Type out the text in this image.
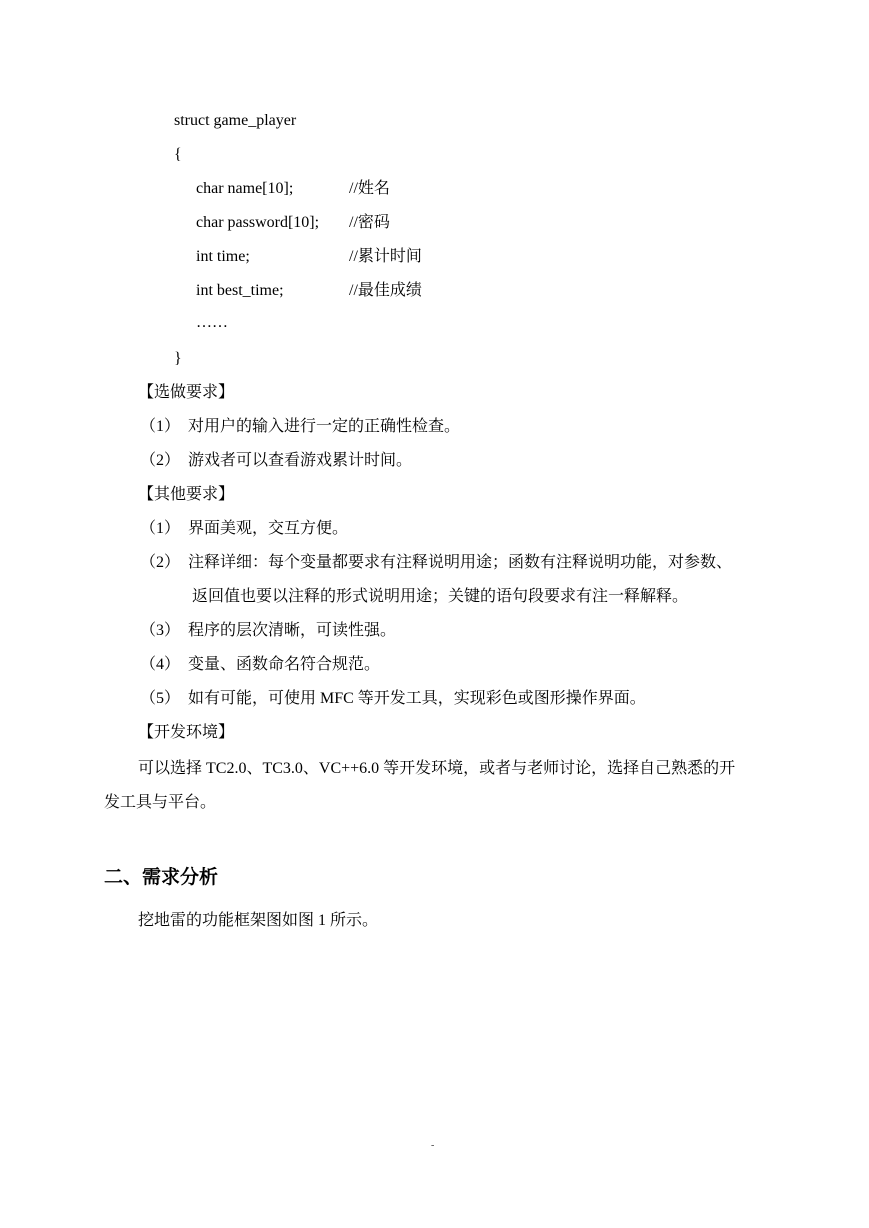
struct game_player
{
char name[10];	//姓名
char password[10]; //密码
int time;	//累计时间
int best_time;	//最佳成绩
……
}
【选做要求】
（1） 对用户的输入进行一定的正确性检查。
（2） 游戏者可以查看游戏累计时间。
【其他要求】
（1） 界面美观，交互方便。
（2） 注释详细：每个变量都要求有注释说明用途；函数有注释说明功能，对参数、
返回值也要以注释的形式说明用途；关键的语句段要求有注一释解释。
（3） 程序的层次清晰，可读性强。
（4） 变量、函数命名符合规范。
（5） 如有可能，可使用 MFC 等开发工具，实现彩色或图形操作界面。
【开发环境】
可以选择 TC2.0、TC3.0、VC++6.0 等开发环境，或者与老师讨论，选择自己熟悉的开
发工具与平台。
二、需求分析
挖地雷的功能框架图如图 1 所示。
-
